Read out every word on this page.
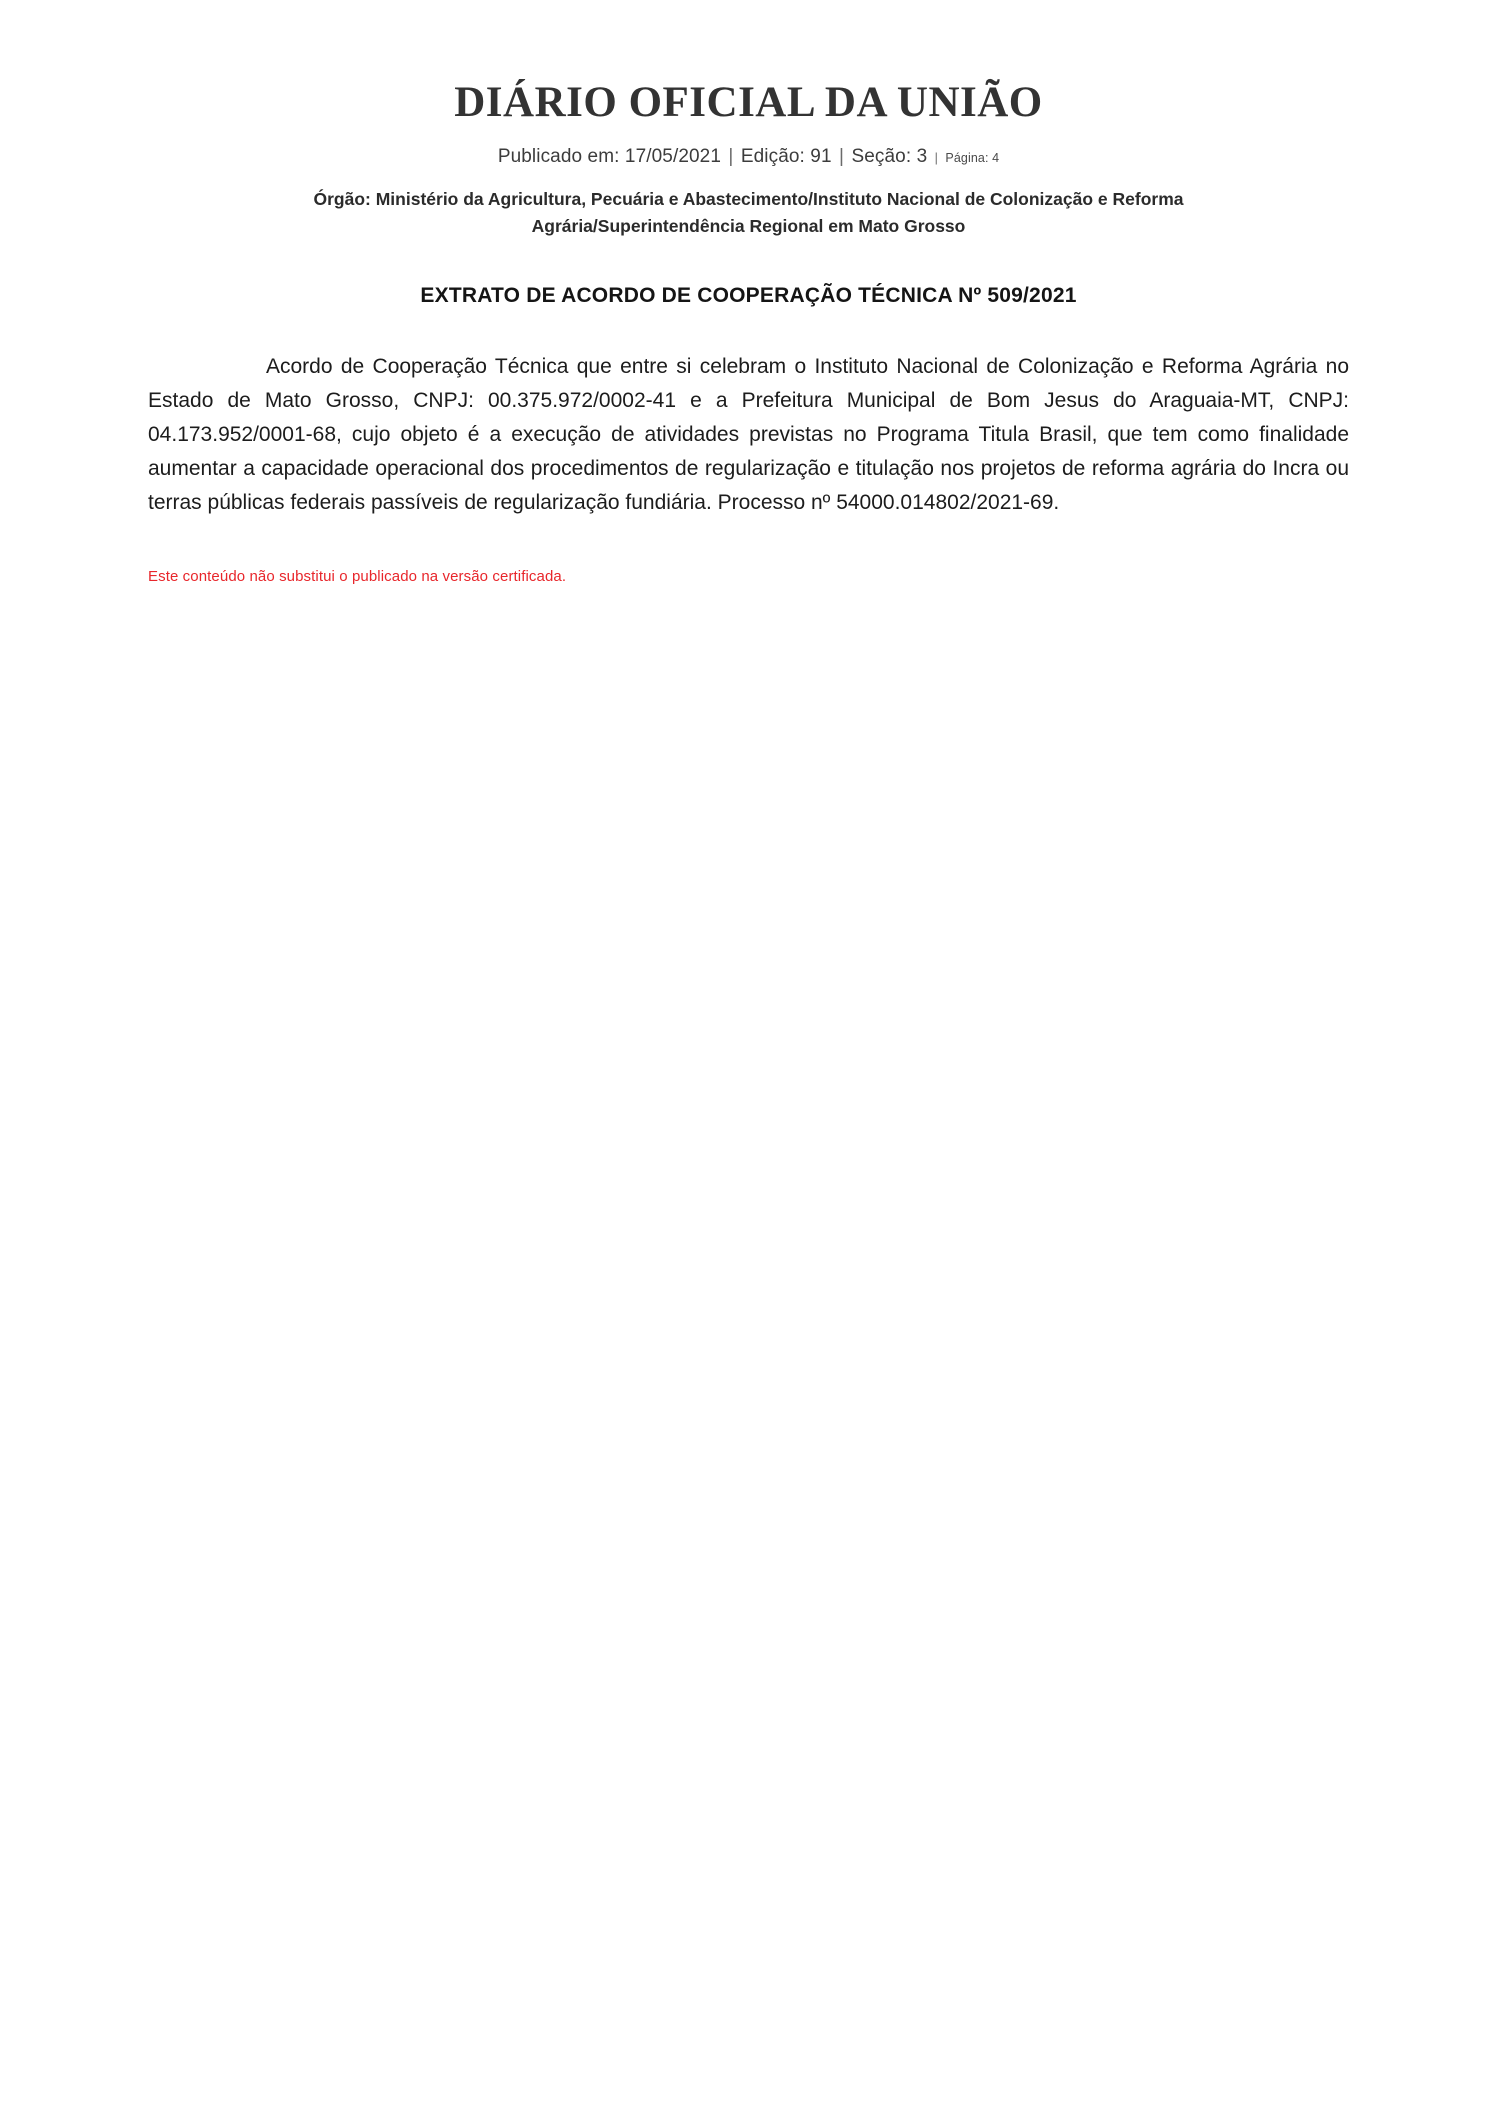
DIÁRIO OFICIAL DA UNIÃO
Publicado em: 17/05/2021 | Edição: 91 | Seção: 3 | Página: 4
Órgão: Ministério da Agricultura, Pecuária e Abastecimento/Instituto Nacional de Colonização e Reforma
Agrária/Superintendência Regional em Mato Grosso
EXTRATO DE ACORDO DE COOPERAÇÃO TÉCNICA Nº 509/2021

Acordo de Cooperação Técnica que entre si celebram o Instituto Nacional de Colonização e Reforma Agrária no Estado de Mato Grosso, CNPJ: 00.375.972/0002-41 e a Prefeitura Municipal de Bom Jesus do Araguaia-MT, CNPJ: 04.173.952/0001-68, cujo objeto é a execução de atividades previstas no Programa Titula Brasil, que tem como finalidade aumentar a capacidade operacional dos procedimentos de regularização e titulação nos projetos de reforma agrária do Incra ou terras públicas federais passíveis de regularização fundiária. Processo nº 54000.014802/2021-69.

Este conteúdo não substitui o publicado na versão certificada.
